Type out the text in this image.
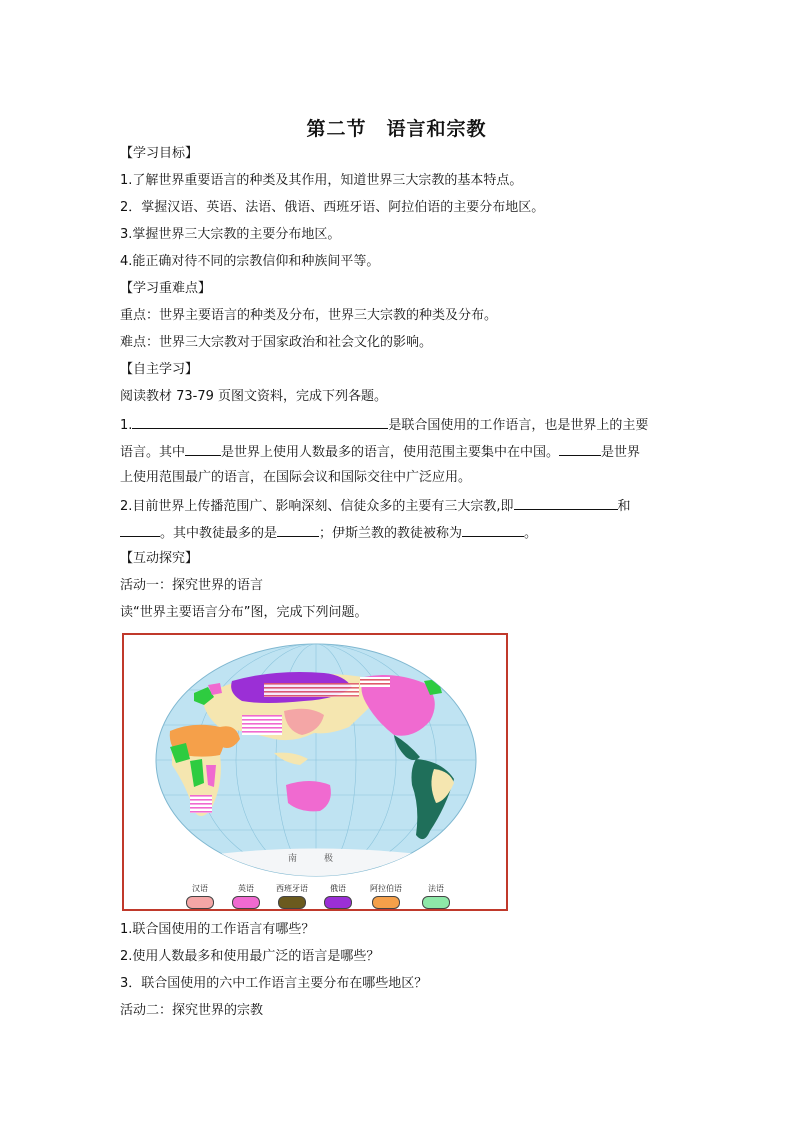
第二节　语言和宗教
【学习目标】
1.了解世界重要语言的种类及其作用，知道世界三大宗教的基本特点。
2．掌握汉语、英语、法语、俄语、西班牙语、阿拉伯语的主要分布地区。
3.掌握世界三大宗教的主要分布地区。
4.能正确对待不同的宗教信仰和种族间平等。
【学习重难点】
重点：世界主要语言的种类及分布，世界三大宗教的种类及分布。
难点：世界三大宗教对于国家政治和社会文化的影响。
【自主学习】
阅读教材 73-79 页图文资料，完成下列各题。
1.	是联合国使用的工作语言，也是世界上的主要
语言。其中	是世界上使用人数最多的语言，使用范围主要集中在中国。	是世界
上使用范围最广的语言，在国际会议和国际交往中广泛应用。
2.目前世界上传播范围广、影响深刻、信徒众多的主要有三大宗教,即	和
。其中教徒最多的是	；伊斯兰教的教徒被称为	。
【互动探究】
活动一：探究世界的语言
读“世界主要语言分布”图，完成下列问题。
南	极
汉语	英语	西班牙语	俄语	阿拉伯语	法语
1.联合国使用的工作语言有哪些？
2.使用人数最多和使用最广泛的语言是哪些？
3．联合国使用的六中工作语言主要分布在哪些地区？
活动二：探究世界的宗教
